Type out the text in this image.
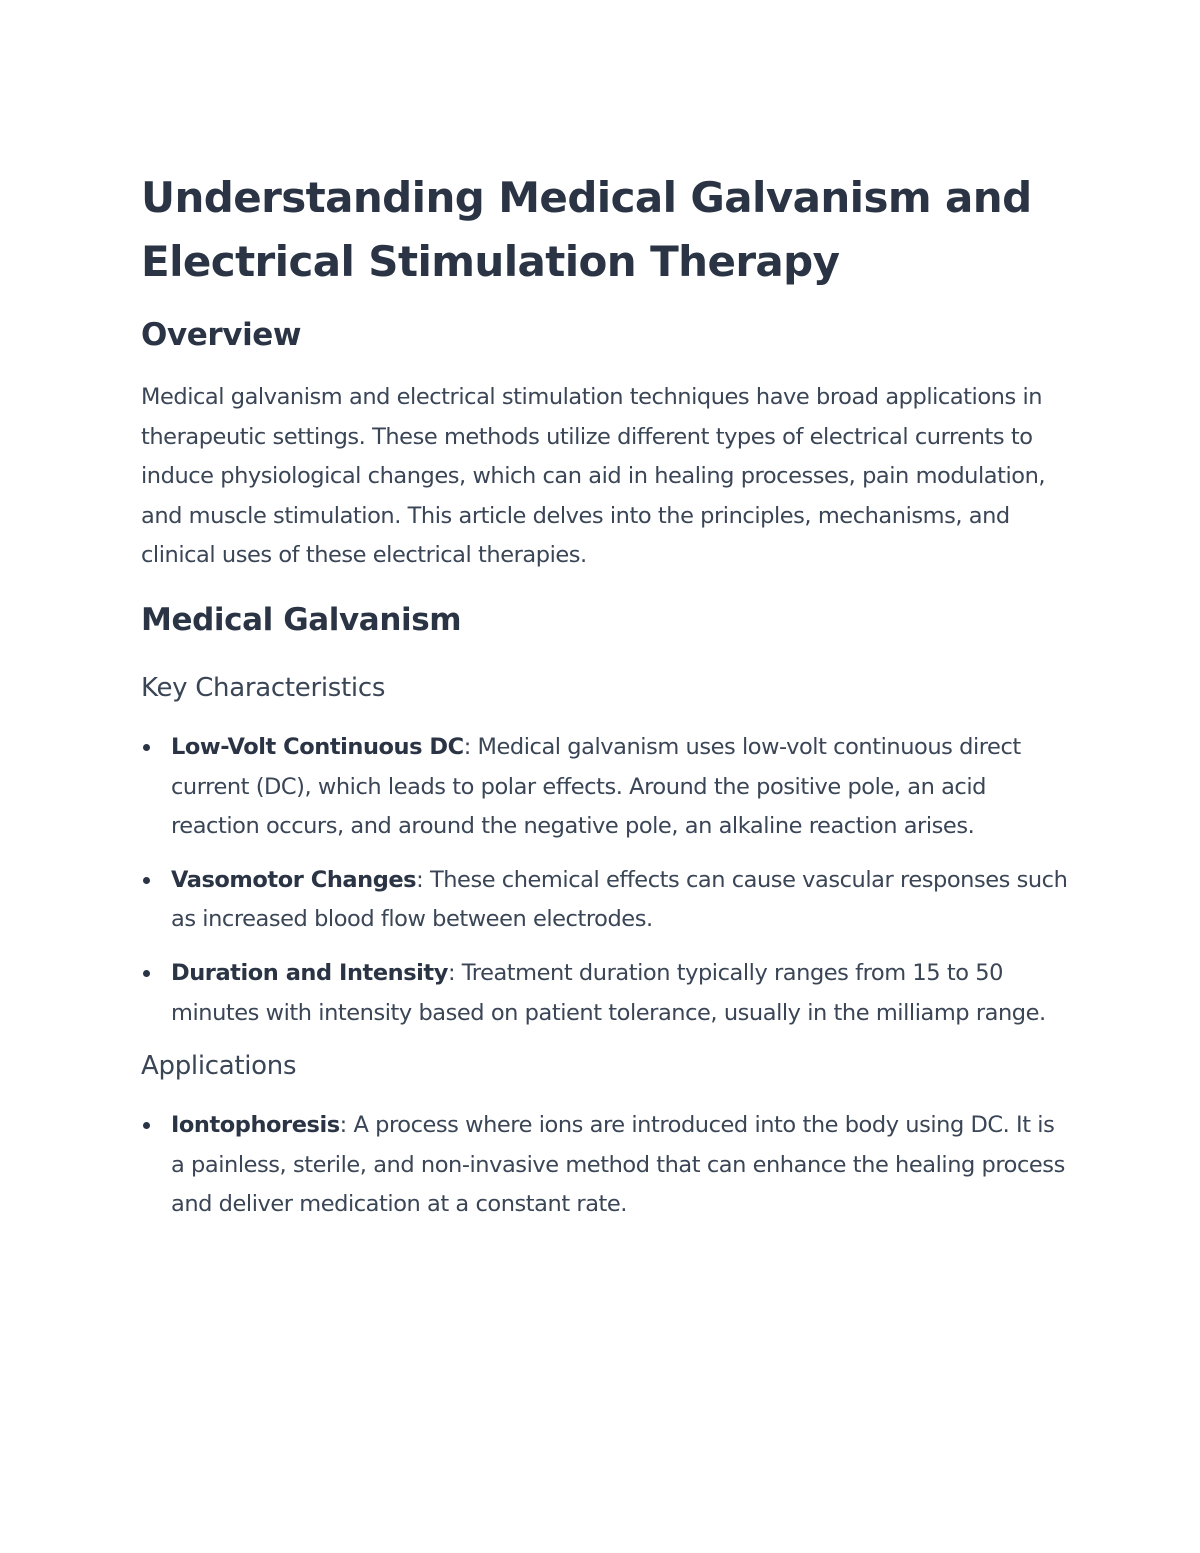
Understanding Medical Galvanism and Electrical Stimulation Therapy
Overview

Medical galvanism and electrical stimulation techniques have broad applications in therapeutic settings. These methods utilize different types of electrical currents to induce physiological changes, which can aid in healing processes, pain modulation, and muscle stimulation. This article delves into the principles, mechanisms, and clinical uses of these electrical therapies.

Medical Galvanism
Key Characteristics
Low-Volt Continuous DC: Medical galvanism uses low-volt continuous direct current (DC), which leads to polar effects. Around the positive pole, an acid reaction occurs, and around the negative pole, an alkaline reaction arises.
Vasomotor Changes: These chemical effects can cause vascular responses such as increased blood flow between electrodes.
Duration and Intensity: Treatment duration typically ranges from 15 to 50 minutes with intensity based on patient tolerance, usually in the milliamp range.
Applications
Iontophoresis: A process where ions are introduced into the body using DC. It is a painless, sterile, and non-invasive method that can enhance the healing process and deliver medication at a constant rate.
